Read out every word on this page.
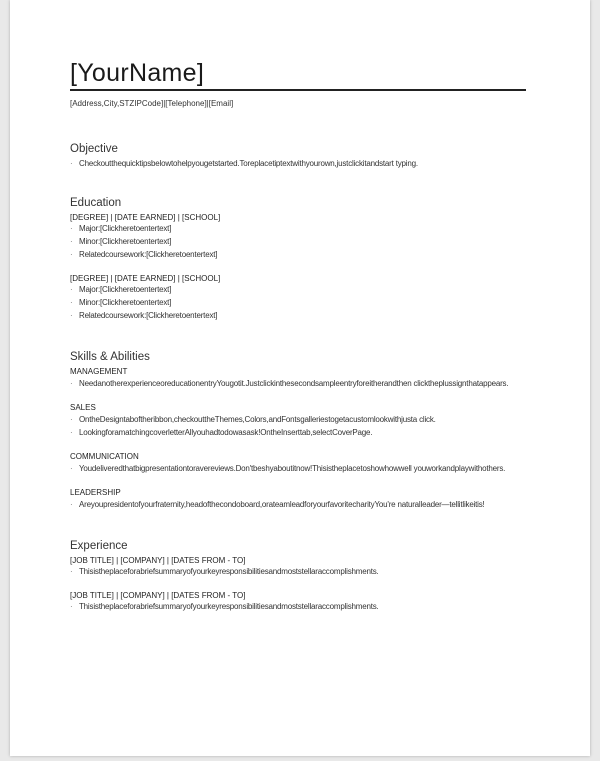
[YourName]
[Address,City,STZIPCode]|[Telephone]|[Email]
Objective
· Checkoutthequicktipsbelowtohelpyougetstarted.Toreplacetiptextwithyourown,justclickitandstart typing.
Education
[DEGREE] | [DATE EARNED] | [SCHOOL]
· Major:[Clickheretoentertext]
· Minor:[Clickheretoentertext]
· Relatedcoursework:[Clickheretoentertext]
[DEGREE] | [DATE EARNED] | [SCHOOL]
· Major:[Clickheretoentertext]
· Minor:[Clickheretoentertext]
· Relatedcoursework:[Clickheretoentertext]
Skills & Abilities
MANAGEMENT
· NeedanotherexperienceoreducationentryYougotit.Justclickinthesecondsampleentryforeitherandthen clicktheplussignthatappears.
SALES
· OntheDesigntaboftheribbon,checkouttheThemes,Colors,andFontsgalleriestogetacustomlookwithjusta click.
· LookingforamatchingcoverletterAllyouhadtodowasask!OntheInserttab,selectCoverPage.
COMMUNICATION
· Youdeliveredthatbigpresentationtoravereviews.Don'tbeshyaboutitnow!Thisistheplacetoshowhowwell youworkandplaywithothers.
LEADERSHIP
· Areyoupresidentofyourfraternity,headofthecondoboard,orateamleadforyourfavoritecharityYou're naturalleader—tellitlikeitis!
Experience
[JOB TITLE] | [COMPANY] | [DATES FROM - TO]
· Thisistheplaceforabriefsummaryofyourkeyresponsibilitiesandmoststellaraccomplishments.
[JOB TITLE] | [COMPANY] | [DATES FROM - TO]
· Thisistheplaceforabriefsummaryofyourkeyresponsibilitiesandmoststellaraccomplishments.
